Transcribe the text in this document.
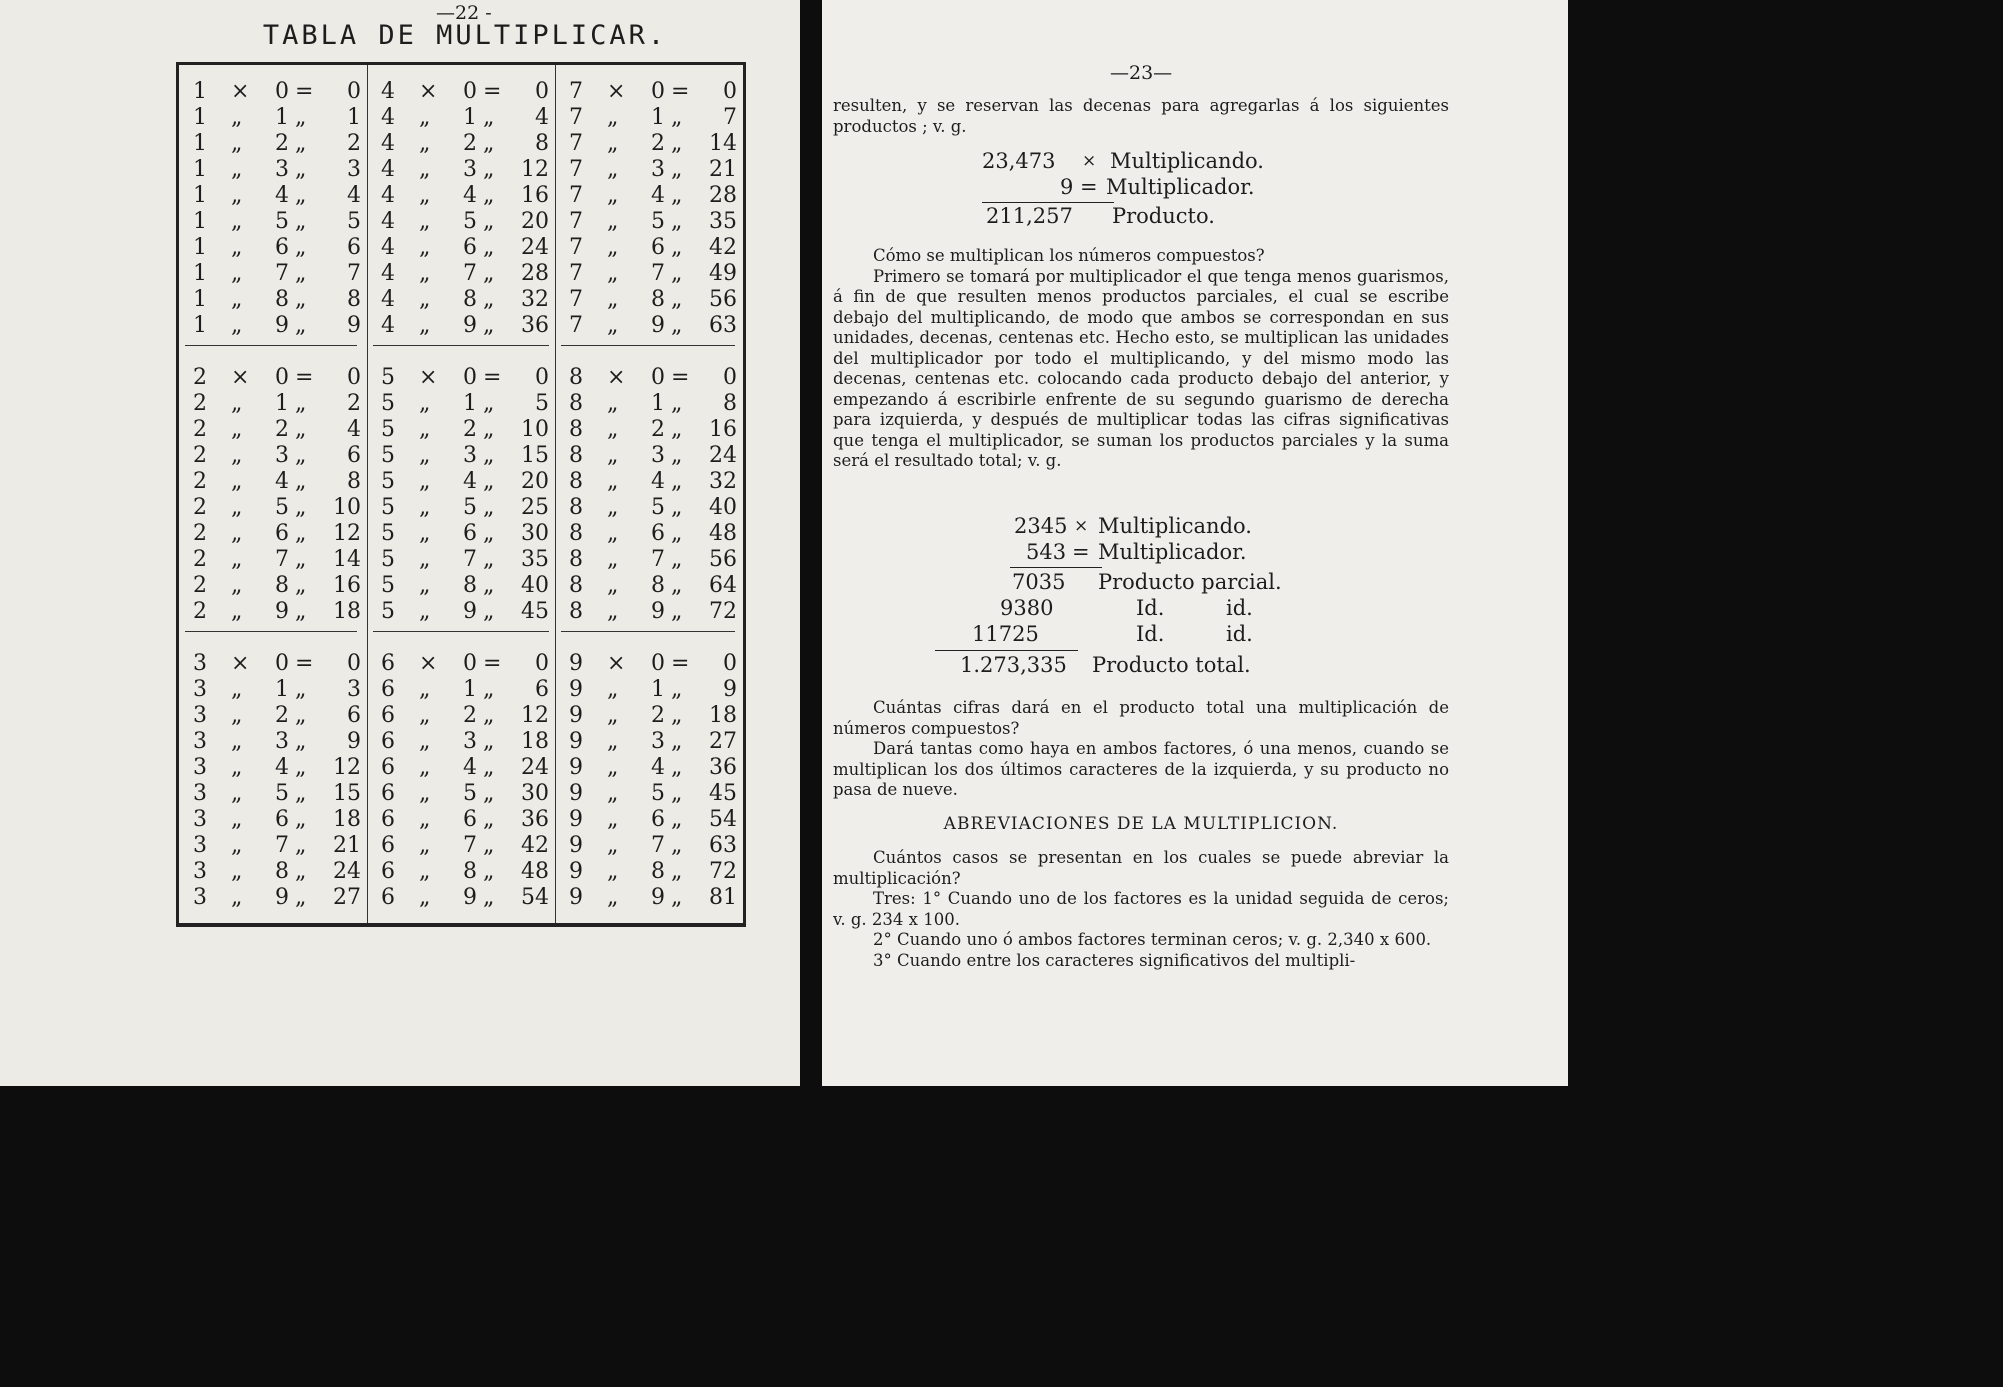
—22 -
TABLA DE MULTIPLICAR.
1 × 0 =	0
1 „ 1 „	1
1 „ 2 „	2
1 „ 3 „	3
1 „ 4 „	4
1 „ 5 „	5
1 „ 6 „	6
1 „ 7 „	7
1 „ 8 „	8
1 „ 9 „	9
4 × 0 =	0
4 „ 1 „	4
4 „ 2 „	8
4 „ 3 „	12
4 „ 4 „	16
4 „ 5 „	20
4 „ 6 „	24
4 „ 7 „	28
4 „ 8 „	32
4 „ 9 „	36
7 × 0 =	0
7 „ 1 „	7
7 „ 2 „	14
7 „ 3 „	21
7 „ 4 „	28
7 „ 5 „	35
7 „ 6 „	42
7 „ 7 „	49
7 „ 8 „	56
7 „ 9 „	63
2 × 0 =	0
2 „ 1 „	2
2 „ 2 „	4
2 „ 3 „	6
2 „ 4 „	8
2 „ 5 „	10
2 „ 6 „	12
2 „ 7 „	14
2 „ 8 „	16
2 „ 9 „	18
5 × 0 =	0
5 „ 1 „	5
5 „ 2 „	10
5 „ 3 „	15
5 „ 4 „	20
5 „ 5 „	25
5 „ 6 „	30
5 „ 7 „	35
5 „ 8 „	40
5 „ 9 „	45
8 × 0 =	0
8 „ 1 „	8
8 „ 2 „	16
8 „ 3 „	24
8 „ 4 „	32
8 „ 5 „	40
8 „ 6 „	48
8 „ 7 „	56
8 „ 8 „	64
8 „ 9 „	72
3 × 0 =	0
3 „ 1 „	3
3 „ 2 „	6
3 „ 3 „	9
3 „ 4 „	12
3 „ 5 „	15
3 „ 6 „	18
3 „ 7 „	21
3 „ 8 „	24
3 „ 9 „	27
6 × 0 =	0
6 „ 1 „	6
6 „ 2 „	12
6 „ 3 „	18
6 „ 4 „	24
6 „ 5 „	30
6 „ 6 „	36
6 „ 7 „	42
6 „ 8 „	48
6 „ 9 „	54
9 × 0 =	0
9 „ 1 „	9
9 „ 2 „	18
9 „ 3 „	27
9 „ 4 „	36
9 „ 5 „	45
9 „ 6 „	54
9 „ 7 „	63
9 „ 8 „	72
9 „ 9 „	81
—23—

resulten, y se reservan las decenas para agregarlas á los siguientes productos ; v. g.

23,473 × Multiplicando.
9 = Multiplicador.
211,257 Producto.

Cómo se multiplican los números compuestos?

Primero se tomará por multiplicador el que tenga menos guarismos, á fin de que resulten menos productos parciales, el cual se escribe debajo del multiplicando, de modo que ambos se correspondan en sus unidades, decenas, centenas etc. Hecho esto, se multiplican las unidades del multiplicador por todo el multiplicando, y del mismo modo las decenas, centenas etc. colocando cada producto debajo del anterior, y empezando á escribirle enfrente de su segundo guarismo de derecha para izquierda, y después de multiplicar todas las cifras significativas que tenga el multiplicador, se suman los productos parciales y la suma será el resultado total; v. g.

2345 × Multiplicando.
543 = Multiplicador.
7035 Producto parcial.
9380	Id.	id.
11725	Id.	id.
1.273,335 Producto total.

Cuántas cifras dará en el producto total una multiplicación de números compuestos?

Dará tantas como haya en ambos factores, ó una menos, cuando se multiplican los dos últimos caracteres de la izquierda, y su producto no pasa de nueve.

ABREVIACIONES DE LA MULTIPLICION.

Cuántos casos se presentan en los cuales se puede abreviar la multiplicación?

Tres: 1° Cuando uno de los factores es la unidad seguida de ceros; v. g. 234 x 100.

2° Cuando uno ó ambos factores terminan ceros; v. g. 2,340 x 600.

3° Cuando entre los caracteres significativos del multipli-
